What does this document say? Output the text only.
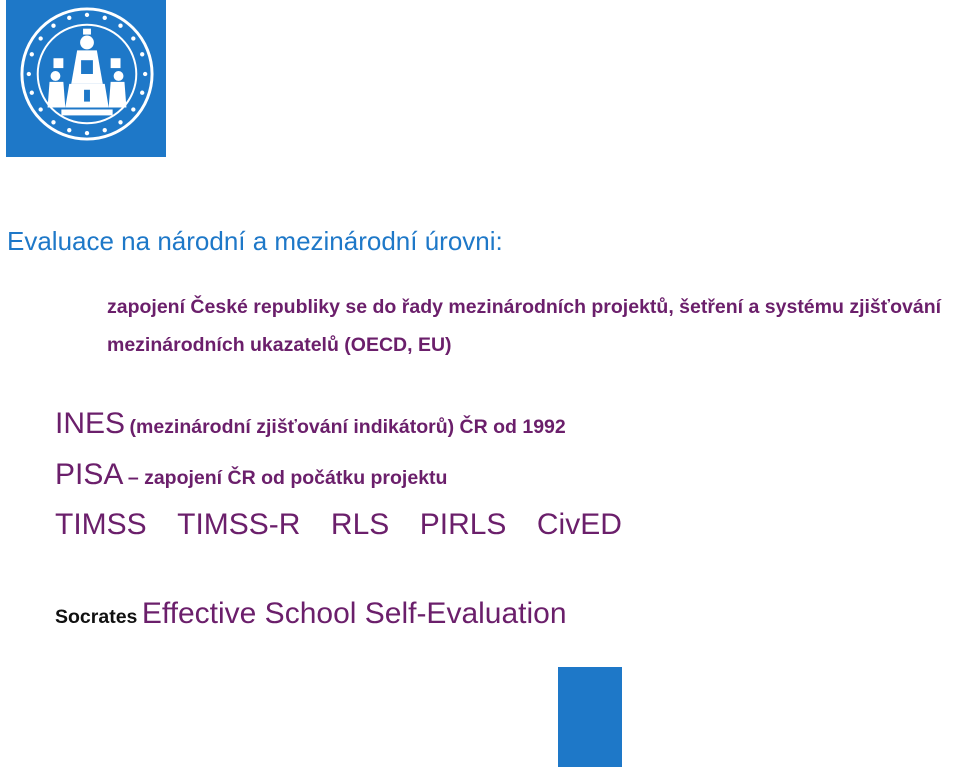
Evaluace na národní a mezinárodní úrovni:
zapojení České republiky se do řady mezinárodních projektů, šetření a systému zjišťování mezinárodních ukazatelů (OECD, EU)
INES (mezinárodní zjišťování indikátorů) ČR od 1992
PISA – zapojení ČR od počátku projektu
TIMSS TIMSS-R RLS PIRLS CivED
Socrates Effective School Self-Evaluation
